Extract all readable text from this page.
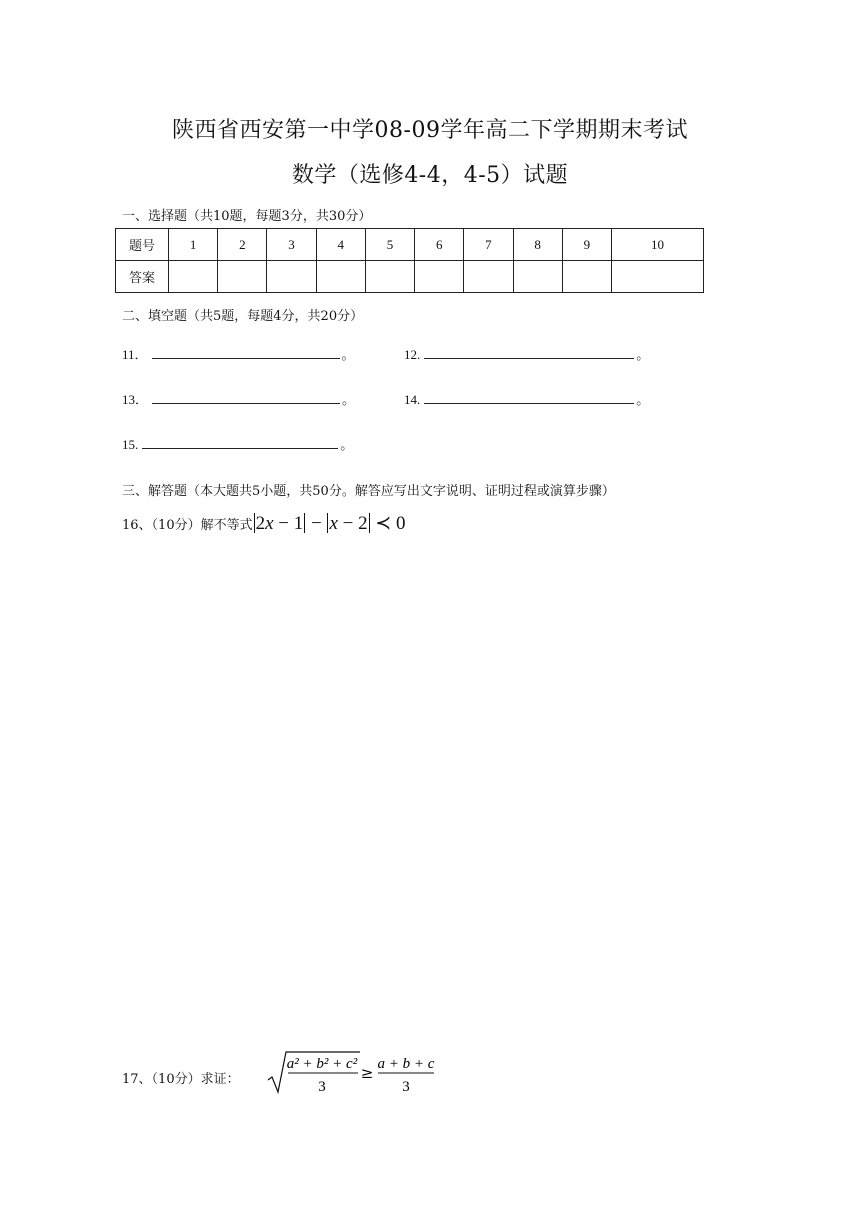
陕西省西安第一中学08-09学年高二下学期期末考试
数学（选修4-4，4-5）试题
一、选择题（共10题，每题3分，共30分）
题号	1	2	3	4	5	6	7	8	9	10
答案										
二、填空题（共5题，每题4分，共20分）
11．	。	12.	。
13．	。	14.	。
15.	。
三、解答题（本大题共5小题，共50分。解答应写出文字说明、证明过程或演算步骤）
16、（10分）解不等式 2x − 1 − x − 2 ≺ 0
17、（10分）求证：
a² + b² + c²
3
≥ a + b + c
3
